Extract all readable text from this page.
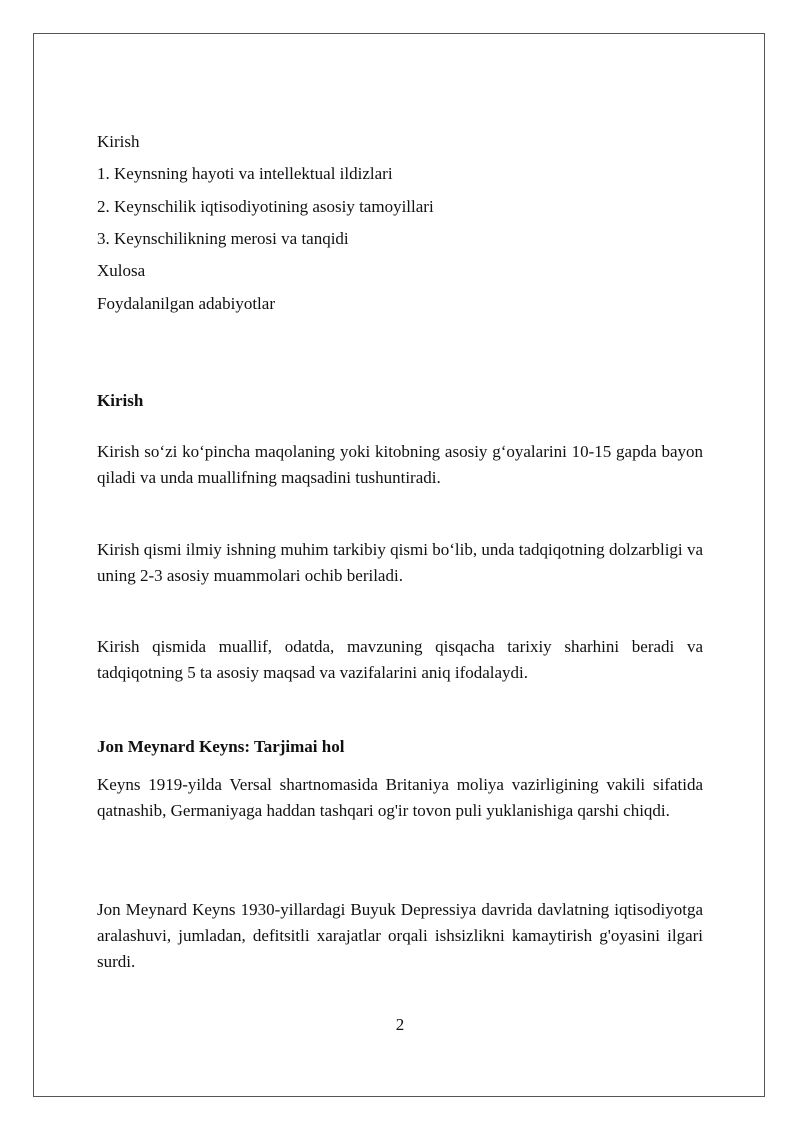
Kirish
1. Keynsning hayoti va intellektual ildizlari
2. Keynschilik iqtisodiyotining asosiy tamoyillari
3. Keynschilikning merosi va tanqidi
Xulosa
Foydalanilgan adabiyotlar
Kirish

Kirish so‘zi ko‘pincha maqolaning yoki kitobning asosiy g‘oyalarini 10-15 gapda bayon qiladi va unda muallifning maqsadini tushuntiradi.

Kirish qismi ilmiy ishning muhim tarkibiy qismi bo‘lib, unda tadqiqotning dolzarbligi va uning 2-3 asosiy muammolari ochib beriladi.

Kirish qismida muallif, odatda, mavzuning qisqacha tarixiy sharhini beradi va tadqiqotning 5 ta asosiy maqsad va vazifalarini aniq ifodalaydi.

Jon Meynard Keyns: Tarjimai hol

Keyns 1919-yilda Versal shartnomasida Britaniya moliya vazirligining vakili sifatida qatnashib, Germaniyaga haddan tashqari og'ir tovon puli yuklanishiga qarshi chiqdi.

Jon Meynard Keyns 1930-yillardagi Buyuk Depressiya davrida davlatning iqtisodiyotga aralashuvi, jumladan, defitsitli xarajatlar orqali ishsizlikni kamaytirish g'oyasini ilgari surdi.

2
